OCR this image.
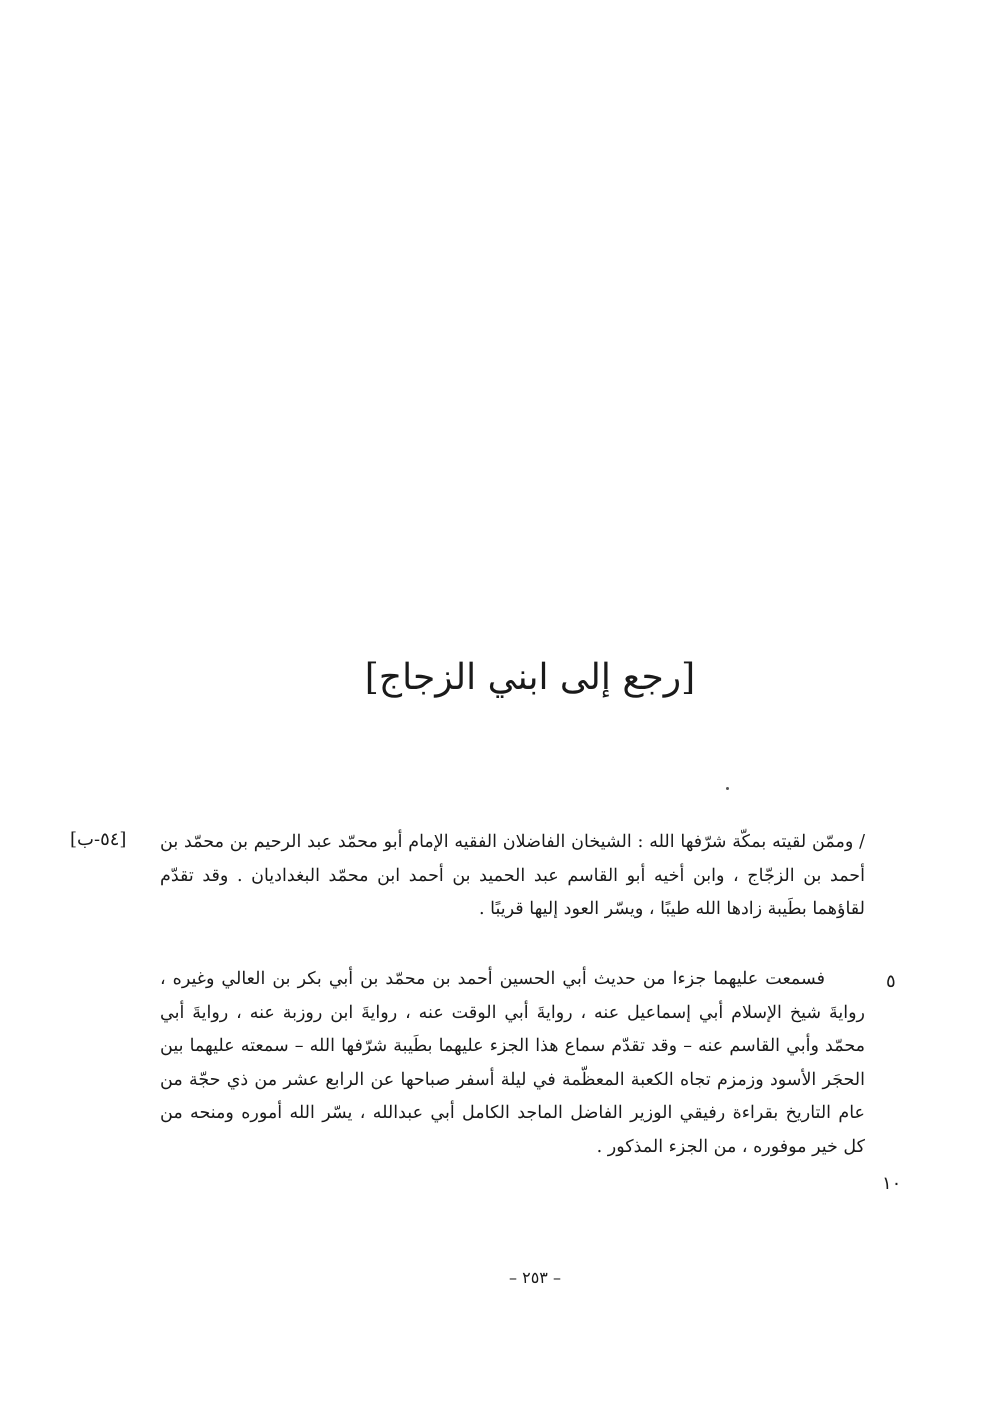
[رجع إلى ابني الزجاج]
[٥٤-ب]
٥
١٠
/ وممّن لقيته بمكّة شرّفها الله : الشيخان الفاضلان الفقيه الإمام أبو محمّد عبد الرحيم بن محمّد بن أحمد بن الزجّاج ، وابن أخيه أبو القاسم عبد الحميد بن أحمد ابن محمّد البغداديان . وقد تقدّم لقاؤهما بطَيبة زادها الله طيبًا ، ويسّر العود إليها قريبًا .
فسمعت عليهما جزءا من حديث أبي الحسين أحمد بن محمّد بن أبي بكر بن العالي وغيره ، روايةَ شيخ الإسلام أبي إسماعيل عنه ، روايةَ أبي الوقت عنه ، روايةَ ابن روزبة عنه ، روايةَ أبي محمّد وأبي القاسم عنه – وقد تقدّم سماع هذا الجزء عليهما بطَيبة شرّفها الله – سمعته عليهما بين الحجَر الأسود وزمزم تجاه الكعبة المعظّمة في ليلة أسفر صباحها عن الرابع عشر من ذي حجّة من عام التاريخ بقراءة رفيقي الوزير الفاضل الماجد الكامل أبي عبدالله ، يسّر الله أموره ومنحه من كل خير موفوره ، من الجزء المذكور .
– ٢٥٣ –
